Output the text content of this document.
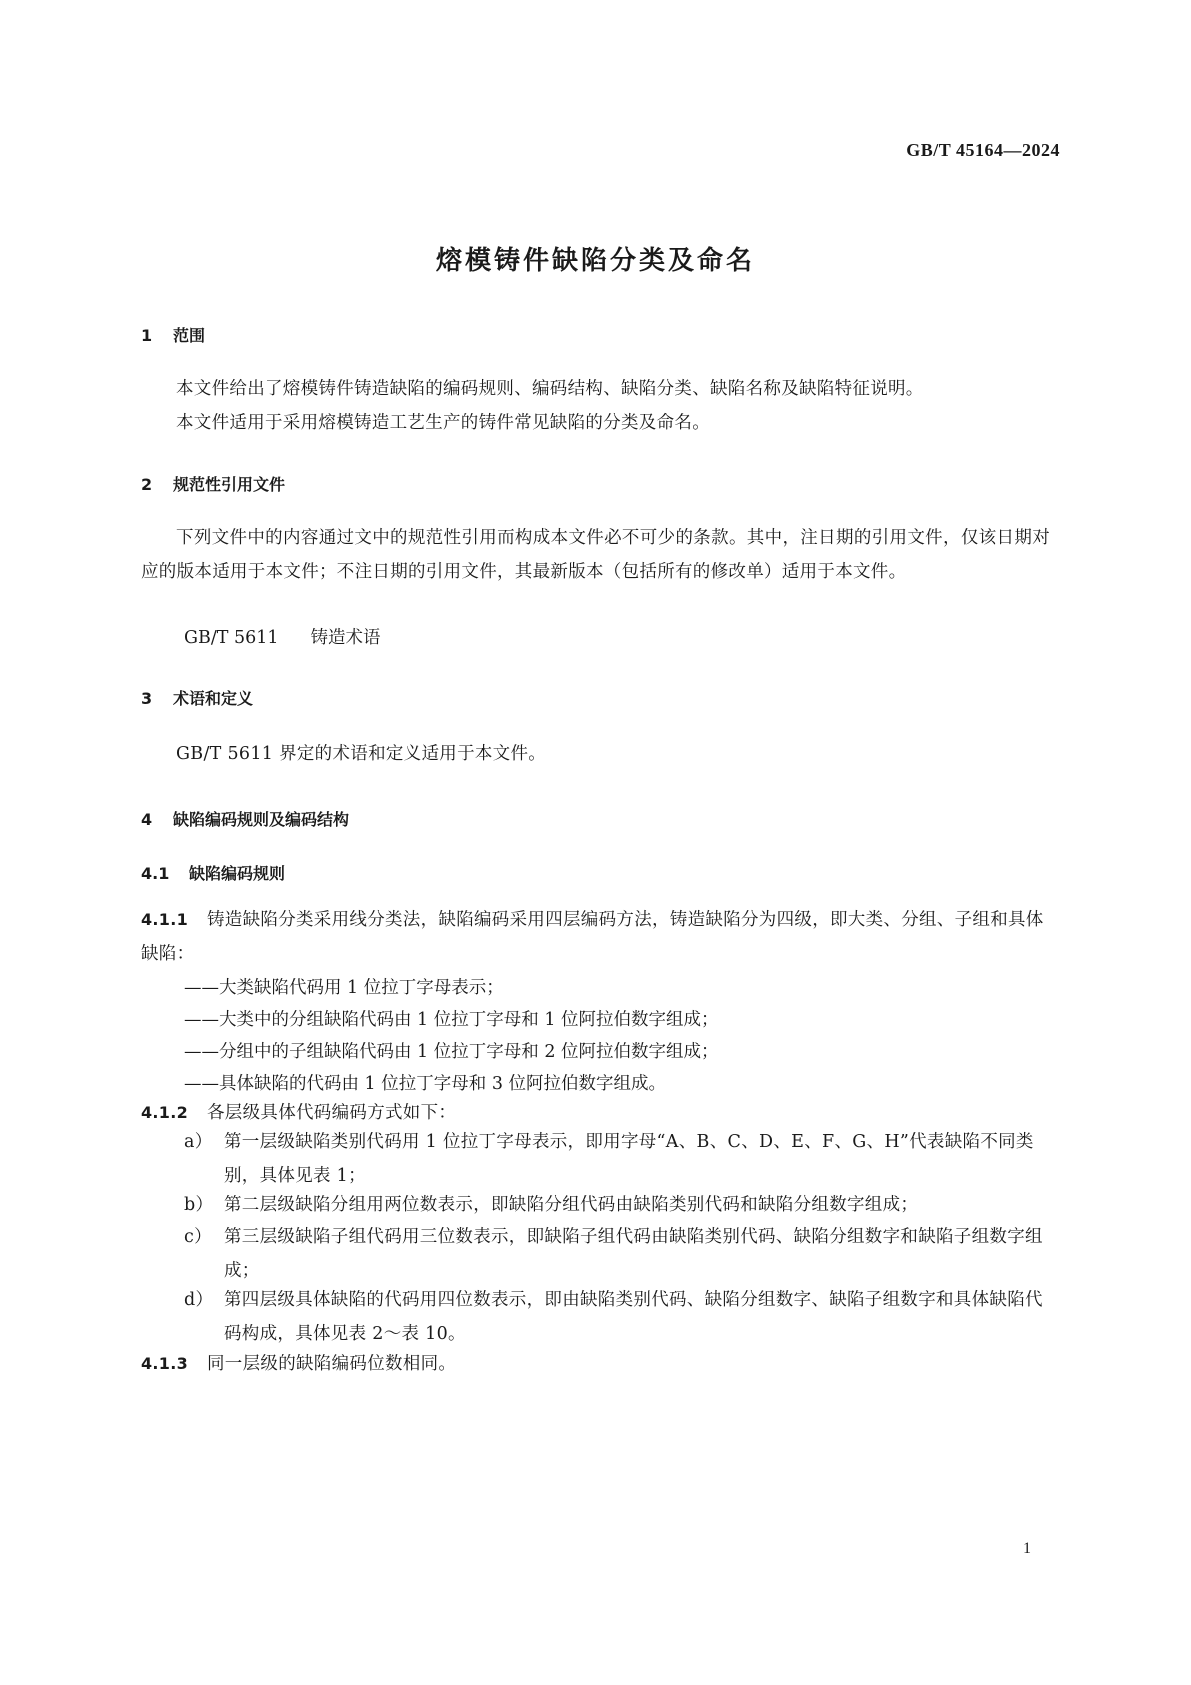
GB/T 45164—2024
熔模铸件缺陷分类及命名
1 范围
本文件给出了熔模铸件铸造缺陷的编码规则、编码结构、缺陷分类、缺陷名称及缺陷特征说明。
本文件适用于采用熔模铸造工艺生产的铸件常见缺陷的分类及命名。
2 规范性引用文件
下列文件中的内容通过文中的规范性引用而构成本文件必不可少的条款。其中，注日期的引用文件，仅该日期对应的版本适用于本文件；不注日期的引用文件，其最新版本（包括所有的修改单）适用于本文件。
GB/T 5611 铸造术语
3 术语和定义
GB/T 5611 界定的术语和定义适用于本文件。
4 缺陷编码规则及编码结构
4.1 缺陷编码规则
4.1.1 铸造缺陷分类采用线分类法，缺陷编码采用四层编码方法，铸造缺陷分为四级，即大类、分组、子组和具体缺陷：
——大类缺陷代码用 1 位拉丁字母表示；
——大类中的分组缺陷代码由 1 位拉丁字母和 1 位阿拉伯数字组成；
——分组中的子组缺陷代码由 1 位拉丁字母和 2 位阿拉伯数字组成；
——具体缺陷的代码由 1 位拉丁字母和 3 位阿拉伯数字组成。
4.1.2 各层级具体代码编码方式如下：
a） 第一层级缺陷类别代码用 1 位拉丁字母表示，即用字母“A、B、C、D、E、F、G、H”代表缺陷不同类别，具体见表 1；
b） 第二层级缺陷分组用两位数表示，即缺陷分组代码由缺陷类别代码和缺陷分组数字组成；
c） 第三层级缺陷子组代码用三位数表示，即缺陷子组代码由缺陷类别代码、缺陷分组数字和缺陷子组数字组成；
d） 第四层级具体缺陷的代码用四位数表示，即由缺陷类别代码、缺陷分组数字、缺陷子组数字和具体缺陷代码构成，具体见表 2～表 10。
4.1.3 同一层级的缺陷编码位数相同。
1
